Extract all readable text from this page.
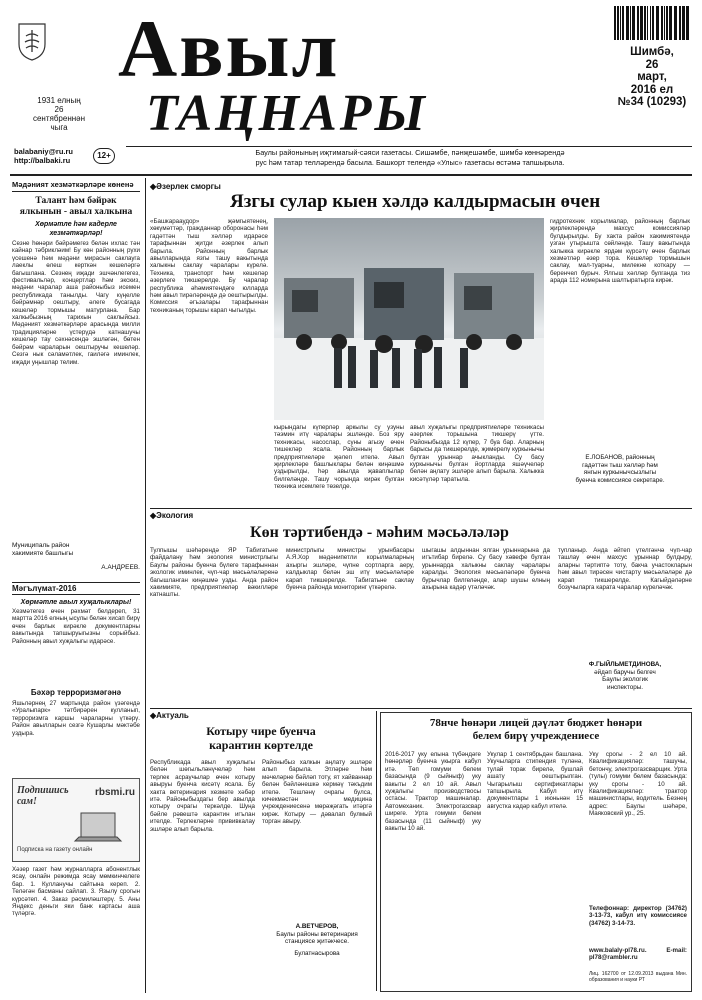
Авыл
ТАҢНАРЫ
1931 елның
26
сентябреннән
чыга
balabaniy@ru.ru
http://balbaki.ru
12+
Шимбә,
26
март,
2016 ел
№34 (10293)
Баулы районының иҗтимагый-сәяси газетасы. Сишәмбе, пәнҗешәмбе, шимбә көннәрендә
рус һәм татар телләрендә басыла. Башкорт телендә «Улыс» газетасы өстәмә тапшырыла.
Мәдәният хезмәткәрләре көненә
Талант һәм бәйрәк
ялкынын - авыл халкына
Хөрмәтле һәм кадерле
хезмәткәрләр!
Сезне һөнәри бәйрәмегез белән ихлас тән кайнар тәбрикләим! Бу көн районның рухи үсешенә һәм мәдәни мирасын саклауга лаеклы өлеш керткән кешеләргә багышлана. Сезнең иҗади эшчәнлегегез, фестивальләр, концертлар һәм экскиз, мәдәни чаралар аша районыбыз исемен республикада танылды. Чагу күңелле бәйрәмнәр оештыру, әлеге бусагада кешеләр тормышы матурлана. Бар халкыбызның тарихын саклыйсыз. Мәдәният хезмәткәрләре арасында милли традицияләрне үстерүдә катнашучы кешеләр тау сәхнәсендә эшләгән, бөтен бәйрәм чараларын оештыручы кешеләр. Сезгә нык сәламәтлек, гаиләгә иминлек, иҗади уңышлар телим.
Муниципаль район
хакимияте башлыгы
А.АНДРЕЕВ.
Мәгълүмат-2016
Хөрмәтле авыл хуҗалыклары!
Хезмәтегез өчен рәхмәт белдереп, 31 мартта 2016 елның ысулы белән хисап бирү өчен барлык кирәкле документларны вакытында тапшыруыгызны сорыйбыз. Районның авыл хуҗалыгы идарәсе.
Бәхәр терроризмәгәнә
Яшьләрнең 27 мартында район үзәгендә «Уралыпарк» тәтбирәрен кулланып, терроризмга каршы чараларны үткәрү. Район авылларын сезгә Кушарлы мәктәбе уздыра.
Подпишись
сам!
rbsmi.ru
Подписка на газету онлайн
Хәзер газет һәм журналларга абонентлык ясау, онлайн режимда ясау мөмкинчелеге бар. 1. Кулланучы сайтына кереп. 2. Теләгән басманы сайлап. 3. Язылу срогын күрсәтеп. 4. Заказ рәсмиләштерү. 5. Аны Яндекс деньги яки банк картасы аша түләргә.
◆Әзерлек сморгы
Язгы сулар кыен хәлдә калдырмасын өчен
«Башкарааудор» җәмгыятенең, хөкүмәттәр, гражданнар оборонасы һәм гадәттән тыш хәлләр идарәсе тарафыннан җитди әзерлек алып барыла. Районның барлык авылларында язгы ташу вакытында халыкны саклау чаралары күрелә. Техника, транспорт һәм кешеләр әзерлеге тикшерелде. Бу чаралар республика әһәмиятендәге юлларда һәм авыл тирәләрендә дә оештырылды. Комиссия әгъзалары тарафыннан техниканың торышы карап чыгылды.
кырындагы күперләр аркылы су узуны тәэмин итү чаралары эшләнде. Боз яру техникасы, насослар, суны агызу өчен тишекләр ясала. Районның барлык предприятиеләре җәлеп ителә. Авыл җирлекләре башлыклары белән киңәшмә уздырылды, һәр авылда җаваплылар билгеләнде. Ташу чорында кирәк булган техника исемлеге төзелде.
авыл хуҗалыгы предприятиеләре техникасы әзерлек торышына тикшерү үтте. Районыбызда 12 күпер, 7 буа бар. Аларның барысы да тикшерелде, җимерелү куркынычы булган урыннар ачыкланды. Су басу куркынычы булган йортларда яшәүчеләр белән аңлату эшләре алып барыла. Халыкка кисәтүләр таратыла.
гидротехник корылмалар, районның барлык җирлекләрендә махсус комиссияләр булдырылды. Бу хакта район хакимиятендә узган утырышта сөйләнде. Ташу вакытында халыкка кирәкле ярдәм күрсәтү өчен барлык хезмәтләр әзер тора. Кешеләр тормышын саклау, мал-туарны, милекне коткару — беренчел бурыч. Ялгыш хәлләр булганда тиз арада 112 номерына шалтыратырга кирәк.
Е.ЛОБАНОВ, районның
гадәттән тыш хәлләр һәм
янгын куркынычсызлыгы
буенча комиссиясе секретаре.
◆Экология
Көн тәртибендә - мәһим мәсьәләләр
Тулпышы шәһәрендә ЯР Табигатьне файдалану һәм экология министрлыгы Баулы районы буенча бүлеге тарафыннан экологик иминлек, чүп-чар мәсьәләләренә багышланган киңәшмә узды. Анда район хакимияте, предприятиеләр вәкилләре катнашты.
министрлыгы министры урынбасары А.Я.Хор мәдәнипетли корылмаларның ахыргы эшләре, чүпне сортларга аеру, калдыклар белән эш итү мәсьәләләре карап тикшерелде. Табигатьне саклау буенча районда мониторинг үткәрелә.
шыгашы алдыннан ялган урыннарына да игътибар бирелә. Су басу хәвефе булган урыннарда халыкны саклау чаралары каралды. Экология мәсьәләләре буенча бурычлар билгеләнде, алар шушы елның ахырына кадәр үтәләчәк.
тупланыр. Анда әйтеп үтелгәнчә чүп-чар ташлау өчен махсус урыннар булдыру, аларны тәртиптә тоту, бакча участокларын һәм авыл тирәсен чистарту мәсьәләләре дә карап тикшерелде. Кагыйдәләрне бозучыларга карата чаралар күреләчәк.
Ф.ГЫЙЛЬМЕТДИНОВА,
әйдәп баручы белгеч
Баулы экологик
инспекторы.
◆Актуаль
Котыру чире буенча
карантин көртелде
Республикада авыл хуҗалыгы белән шөгыльләнүчеләр һәм терлек асраучылар өчен котыру авыруы буенча кисәтү ясала. Бу хакта ветеринария хезмәте хәбәр итә. Районыбыздагы бер авылда котыру очрагы теркәлде. Шуңа бәйле рәвештә карантин игълан ителде. Терлекләрне прививкалау эшләре алып барыла.
Районыбыз халкын аңлату эшләре алып барыла. Этләрне һәм мәчеләрне бәйләп тоту, ят хайваннар белән бәйләнешкә кермәү тәкъдим ителә. Тешләнү очрагы булса, кичекмәстән медицина учреждениесенә мөрәҗәгать итәргә кирәк. Котыру — дәвалап булмый торган авыру.
А.ВЕТЧЕРОВ,
Баулы районы ветеринария станциясе җитәкчесе.
Булатнасырова
78нче һөнәри лицей дәүләт бюджет һөнәри
белем бирү учреждениесе
2016-2017 уку елына түбәндәге һөнәрләр буенча укырга кабул итә. Төп гомуми белем базасында (9 сыйныф) уку вакыты 2 ел 10 ай. Авыл хуҗалыгы производствосы остасы. Трактор машиналар. Автомеханик. Электрогазсвар ширеге. Урта гомуми белем базасында (11 сыйныф) уку вакыты 10 ай.
Укулар 1 сентябрьдән башлана. Укучыларга стипендия түләнә, тулай торак бирелә, бушлай ашату оештырылган. Чыгарылыш сертификатлары тапшырыла. Кабул итү документлары 1 июньнән 15 августка кадәр кабул ителә.
Уку срогы - 2 ел 10 ай. Квалификацияләр: ташучы, бетончу, электрогазсварщик. Урта (тулы) гомуми белем базасында: уку срогы - 10 ай. Квалификацияләр: трактор машинистлары, водитель. Безнең адрес: Баулы шәһәре, Маяковский ур., 25.
Телефоннар: директор (34762) 3-13-73, кабул итү комиссиясе (34762) 3-14-73.
www.balaly-pl78.ru. E-mail: pl78@rambler.ru
Лиц. 162700 от 12.09.2013 выдана Мин. образования и науки РТ
